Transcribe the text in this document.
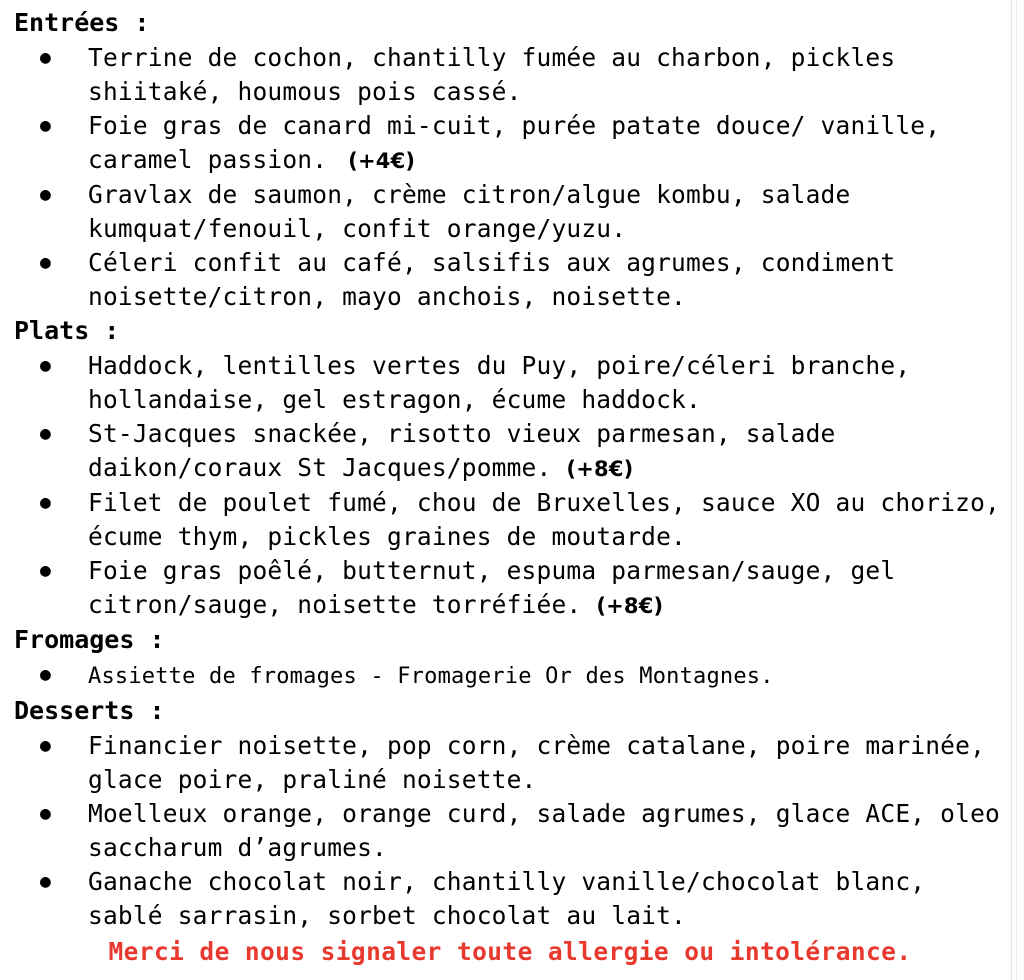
Entrées :
● Terrine de cochon, chantilly fumée au charbon, pickles shiitaké, houmous pois cassé.
● Foie gras de canard mi-cuit, purée patate douce/ vanille, caramel passion. (+4€)
● Gravlax de saumon, crème citron/algue kombu, salade kumquat/fenouil, confit orange/yuzu.
● Céleri confit au café, salsifis aux agrumes, condiment noisette/citron, mayo anchois, noisette.
Plats :
● Haddock, lentilles vertes du Puy, poire/céleri branche, hollandaise, gel estragon, écume haddock.
● St-Jacques snackée, risotto vieux parmesan, salade daikon/coraux St Jacques/pomme. (+8€)
● Filet de poulet fumé, chou de Bruxelles, sauce XO au chorizo, écume thym, pickles graines de moutarde.
● Foie gras poêlé, butternut, espuma parmesan/sauge, gel citron/sauge, noisette torréfiée. (+8€)
Fromages :
● Assiette de fromages - Fromagerie Or des Montagnes.
Desserts :
● Financier noisette, pop corn, crème catalane, poire marinée, glace poire, praliné noisette.
● Moelleux orange, orange curd, salade agrumes, glace ACE, oleo saccharum d’agrumes.
● Ganache chocolat noir, chantilly vanille/chocolat blanc, sablé sarrasin, sorbet chocolat au lait.
Merci de nous signaler toute allergie ou intolérance.
